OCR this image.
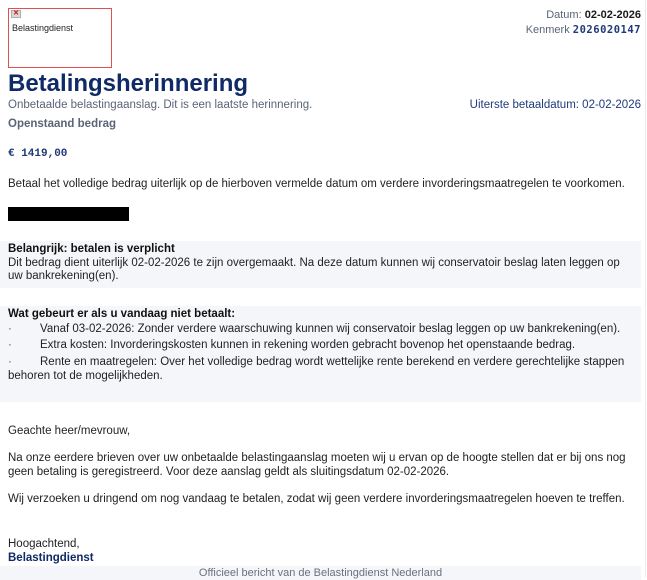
✕
Belastingdienst
Datum: 02-02-2026
Kenmerk 2026020147
Betalingsherinnering
Onbetaalde belastingaanslag. Dit is een laatste herinnering.	Uiterste betaaldatum: 02-02-2026
Openstaand bedrag
€ 1419,00
Betaal het volledige bedrag uiterlijk op de hierboven vermelde datum om verdere invorderingsmaatregelen te voorkomen.
Belangrijk: betalen is verplicht
Dit bedrag dient uiterlijk 02-02-2026 te zijn overgemaakt. Na deze datum kunnen wij conservatoir beslag laten leggen op uw bankrekening(en).
Wat gebeurt er als u vandaag niet betaalt:
· Vanaf 03-02-2026: Zonder verdere waarschuwing kunnen wij conservatoir beslag leggen op uw bankrekening(en).
· Extra kosten: Invorderingskosten kunnen in rekening worden gebracht bovenop het openstaande bedrag.
· Rente en maatregelen: Over het volledige bedrag wordt wettelijke rente berekend en verdere gerechtelijke stappen behoren tot de mogelijkheden.
Geachte heer/mevrouw,
Na onze eerdere brieven over uw onbetaalde belastingaanslag moeten wij u ervan op de hoogte stellen dat er bij ons nog geen betaling is geregistreerd. Voor deze aanslag geldt als sluitingsdatum 02-02-2026.
Wij verzoeken u dringend om nog vandaag te betalen, zodat wij geen verdere invorderingsmaatregelen hoeven te treffen.
Hoogachtend,
Belastingdienst
Officieel bericht van de Belastingdienst Nederland
